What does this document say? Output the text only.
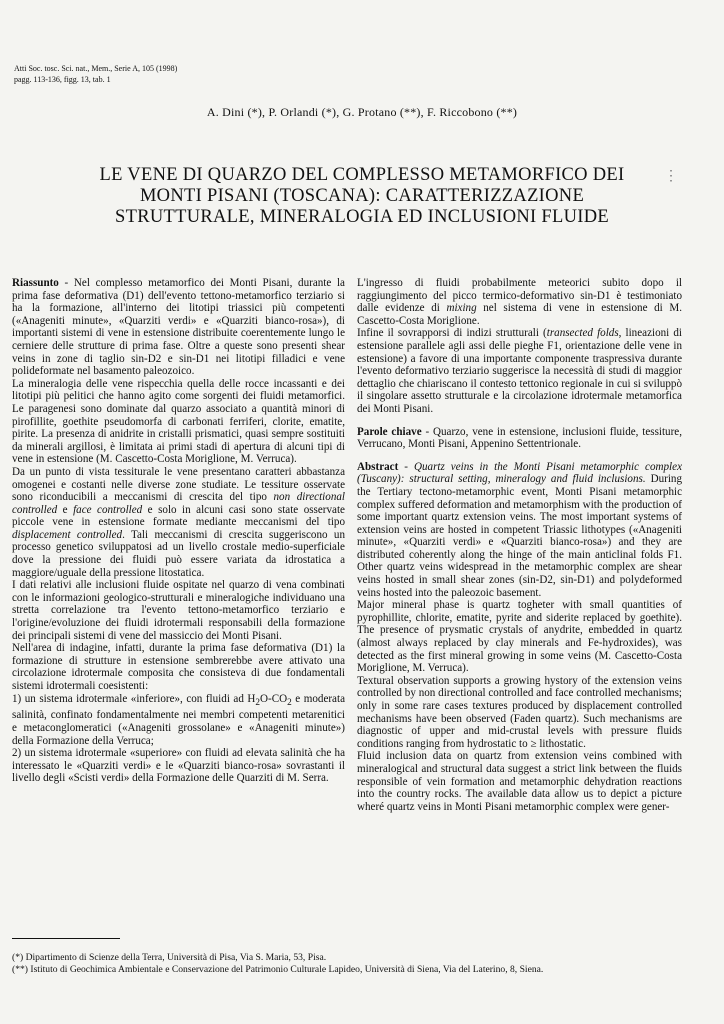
Atti Soc. tosc. Sci. nat., Mem., Serie A, 105 (1998)
pagg. 113-136, figg. 13, tab. 1
A. Dini (*), P. Orlandi (*), G. Protano (**), F. Riccobono (**)
LE VENE DI QUARZO DEL COMPLESSO METAMORFICO DEI
MONTI PISANI (TOSCANA): CARATTERIZZAZIONE
STRUTTURALE, MINERALOGIA ED INCLUSIONI FLUIDE
⋮

Riassunto - Nel complesso metamorfico dei Monti Pisani, durante la prima fase deformativa (D1) dell'evento tettono-metamorfico terziario si ha la formazione, all'interno dei litotipi triassici più competenti («Anageniti minute», «Quarziti verdi» e «Quarziti bianco-rosa»), di importanti sistemi di vene in estensione distribuite coerentemente lungo le cerniere delle strutture di prima fase. Oltre a queste sono presenti shear veins in zone di taglio sin-D2 e sin-D1 nei litotipi filladici e vene polideformate nel basamento paleozoico.

La mineralogia delle vene rispecchia quella delle rocce incassanti e dei litotipi più pelitici che hanno agito come sorgenti dei fluidi metamorfici. Le paragenesi sono dominate dal quarzo associato a quantità minori di pirofillite, goethite pseudomorfa di carbonati ferriferi, clorite, ematite, pirite. La presenza di anidrite in cristalli prismatici, quasi sempre sostituiti da minerali argillosi, è limitata ai primi stadi di apertura di alcuni tipi di vene in estensione (M. Cascetto-Costa Moriglione, M. Verruca).

Da un punto di vista tessiturale le vene presentano caratteri abbastanza omogenei e costanti nelle diverse zone studiate. Le tessiture osservate sono riconducibili a meccanismi di crescita del tipo non directional controlled e face controlled e solo in alcuni casi sono state osservate piccole vene in estensione formate mediante meccanismi del tipo displacement controlled. Tali meccanismi di crescita suggeriscono un processo genetico sviluppatosi ad un livello crostale medio-superficiale dove la pressione dei fluidi può essere variata da idrostatica a maggiore/uguale della pressione litostatica.

I dati relativi alle inclusioni fluide ospitate nel quarzo di vena combinati con le informazioni geologico-strutturali e mineralogiche individuano una stretta correlazione tra l'evento tettono-metamorfico terziario e l'origine/evoluzione dei fluidi idrotermali responsabili della formazione dei principali sistemi di vene del massiccio dei Monti Pisani.

Nell'area di indagine, infatti, durante la prima fase deformativa (D1) la formazione di strutture in estensione sembrerebbe avere attivato una circolazione idrotermale composita che consisteva di due fondamentali sistemi idrotermali coesistenti:

1) un sistema idrotermale «inferiore», con fluidi ad $H_2O-CO_2$ e moderata salinità, confinato fondamentalmente nei membri competenti metarenitici e metaconglomeratici («Anageniti grossolane» e «Anageniti minute») della Formazione della Verruca;

2) un sistema idrotermale «superiore» con fluidi ad elevata salinità che ha interessato le «Quarziti verdi» e le «Quarziti bianco-rosa» sovrastanti il livello degli «Scisti verdi» della Formazione delle Quarziti di M. Serra.

L'ingresso di fluidi probabilmente meteorici subito dopo il raggiungimento del picco termico-deformativo sin-D1 è testimoniato dalle evidenze di mixing nel sistema di vene in estensione di M. Cascetto-Costa Moriglione.

Infine il sovrapporsi di indizi strutturali (transected folds, lineazioni di estensione parallele agli assi delle pieghe F1, orientazione delle vene in estensione) a favore di una importante componente traspressiva durante l'evento deformativo terziario suggerisce la necessità di studi di maggior dettaglio che chiariscano il contesto tettonico regionale in cui si sviluppò il singolare assetto strutturale e la circolazione idrotermale metamorfica dei Monti Pisani.

Parole chiave - Quarzo, vene in estensione, inclusioni fluide, tessiture, Verrucano, Monti Pisani, Appenino Settentrionale.

Abstract - Quartz veins in the Monti Pisani metamorphic complex (Tuscany): structural setting, mineralogy and fluid inclusions. During the Tertiary tectono-metamorphic event, Monti Pisani metamorphic complex suffered deformation and metamorphism with the production of some important quartz extension veins. The most important systems of extension veins are hosted in competent Triassic lithotypes («Anageniti minute», «Quarziti verdi» e «Quarziti bianco-rosa») and they are distributed coherently along the hinge of the main anticlinal folds F1. Other quartz veins widespread in the metamorphic complex are shear veins hosted in small shear zones (sin-D2, sin-D1) and polydeformed veins hosted into the paleozoic basement.

Major mineral phase is quartz togheter with small quantities of pyrophillite, chlorite, ematite, pyrite and siderite replaced by goethite). The presence of prysmatic crystals of anydrite, embedded in quartz (almost always replaced by clay minerals and Fe-hydroxides), was detected as the first mineral growing in some veins (M. Cascetto-Costa Moriglione, M. Verruca).

Textural observation supports a growing hystory of the extension veins controlled by non directional controlled and face controlled mechanisms; only in some rare cases textures produced by displacement controlled mechanisms have been observed (Faden quartz). Such mechanisms are diagnostic of upper and mid-crustal levels with pressure fluids conditions ranging from hydrostatic to ≥ lithostatic.

Fluid inclusion data on quartz from extension veins combined with mineralogical and structural data suggest a strict link between the fluids responsible of vein formation and metamorphic dehydration reactions into the country rocks. The available data allow us to depict a picture wheré quartz veins in Monti Pisani metamorphic complex were gener-

(*) Dipartimento di Scienze della Terra, Università di Pisa, Via S. Maria, 53, Pisa.

(**) Istituto di Geochimica Ambientale e Conservazione del Patrimonio Culturale Lapideo, Università di Siena, Via del Laterino, 8, Siena.
